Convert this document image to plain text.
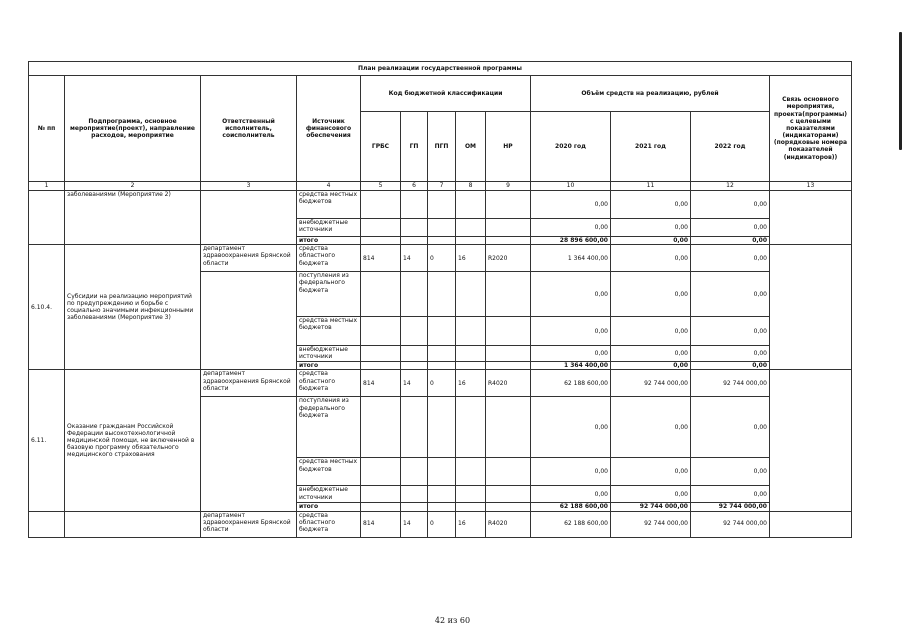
План реализации государственной программы												
№ пп	Подпрограмма, основное мероприятие(проект), направление расходов, мероприятие	Ответственный исполнитель, соисполнитель	Источник финансового обеспечения	Код бюджетной классификации					Объём средств на реализацию, рублей			Связь основного мероприятия, проекта(программы) с целевыми показателями (индикаторами) (порядковые номера показателей (индикаторов))
				ГРБС	ГП	ПГП	ОМ	НР	2020 год	2021 год	2022 год	
1	2	3	4	5	6	7	8	9	10	11	12	13
	заболеваниями (Мероприятие 2)		средства местных бюджетов						0,00	0,00	0,00	
			внебюджетные источники						0,00	0,00	0,00	
			итого						28 896 600,00	0,00	0,00	
6.10.4.	Субсидии на реализацию мероприятий по предупреждению и борьбе с социально значимыми инфекционными заболеваниями (Мероприятие 3)	департамент здравоохранения Брянской области	средства областного бюджета	814	14	0	16	R2020	1 364 400,00	0,00	0,00	
			поступления из федерального бюджета						0,00	0,00	0,00	
			средства местных бюджетов						0,00	0,00	0,00	
			внебюджетные источники						0,00	0,00	0,00	
			итого						1 364 400,00	0,00	0,00	
6.11.	Оказание гражданам Российской Федерации высокотехнологичной медицинской помощи, не включенной в базовую программу обязательного медицинского страхования	департамент здравоохранения Брянской области	средства областного бюджета	814	14	0	16	R4020	62 188 600,00	92 744 000,00	92 744 000,00	
			поступления из федерального бюджета						0,00	0,00	0,00	
			средства местных бюджетов						0,00	0,00	0,00	
			внебюджетные источники						0,00	0,00	0,00	
			итого						62 188 600,00	92 744 000,00	92 744 000,00	
		департамент здравоохранения Брянской области	средства областного бюджета	814	14	0	16	R4020	62 188 600,00	92 744 000,00	92 744 000,00	
42 из 60
